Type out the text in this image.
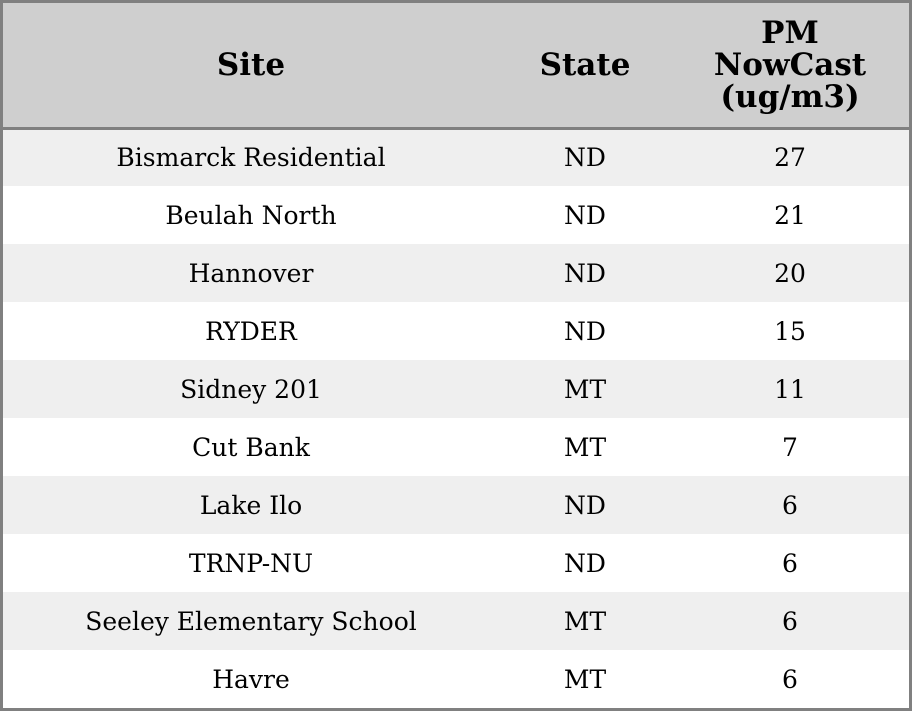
Site	State	PM
NowCast
(ug/m3)

Bismarck Residential	ND	27
Beulah North	ND	21
Hannover	ND	20
RYDER	ND	15
Sidney 201	MT	11
Cut Bank	MT	7
Lake Ilo	ND	6
TRNP-NU	ND	6
Seeley Elementary School	MT	6
Havre	MT	6
